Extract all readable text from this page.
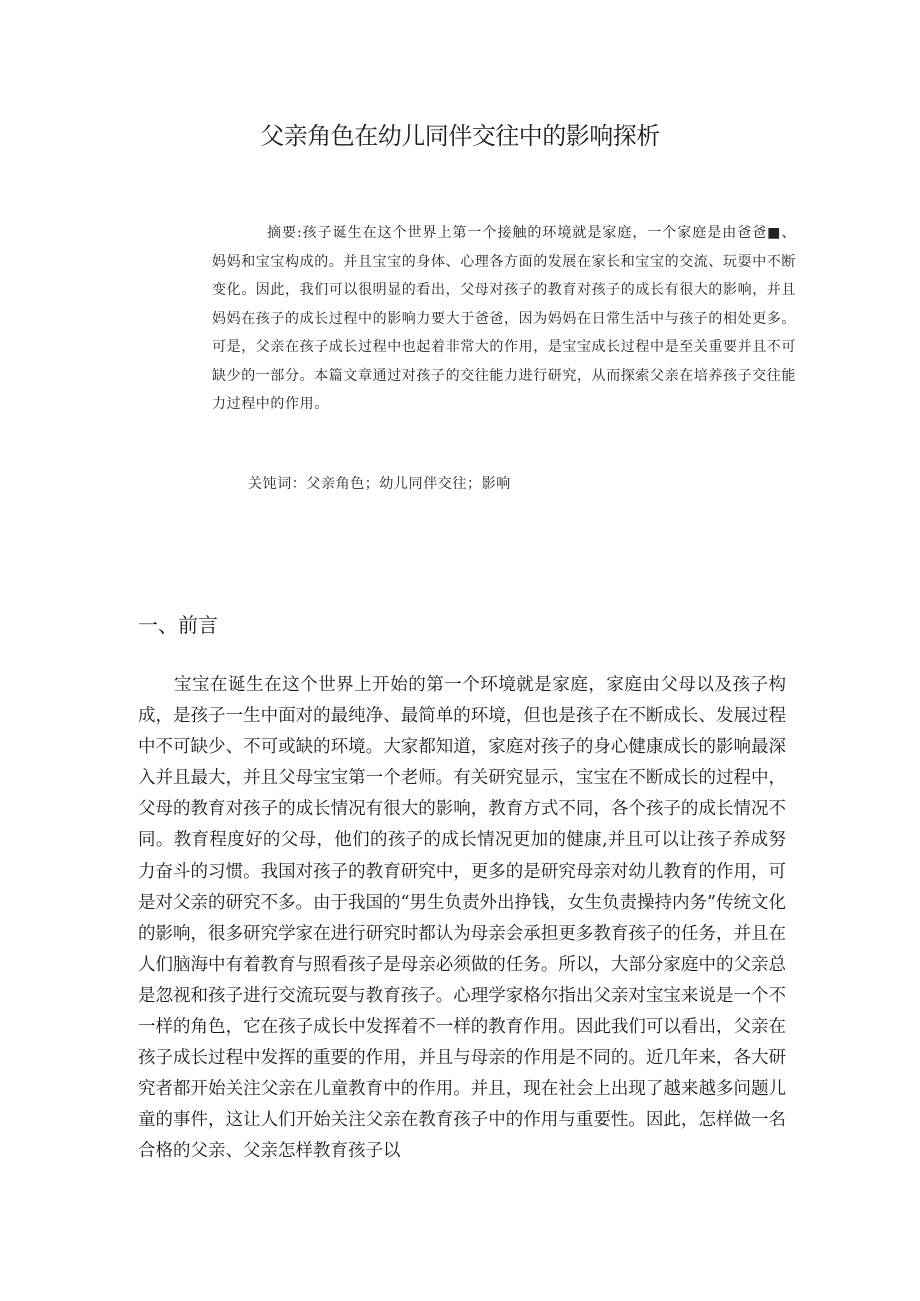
父亲角色在幼儿同伴交往中的影响探析

摘要:孩子诞生在这个世界上第一个接触的环境就是家庭，一个家庭是由爸爸■、妈妈和宝宝构成的。并且宝宝的身体、心理各方面的发展在家长和宝宝的交流、玩耍中不断变化。因此，我们可以很明显的看出，父母对孩子的教育对孩子的成长有很大的影响，并且妈妈在孩子的成长过程中的影响力要大于爸爸，因为妈妈在日常生活中与孩子的相处更多。可是，父亲在孩子成长过程中也起着非常大的作用，是宝宝成长过程中是至关重要并且不可缺少的一部分。本篇文章通过对孩子的交往能力进行研究，从而探索父亲在培养孩子交往能力过程中的作用。

关饨词：父亲角色；幼儿同伴交往；影响

一、前言

宝宝在诞生在这个世界上开始的第一个环境就是家庭，家庭由父母以及孩子构成，是孩子一生中面对的最纯净、最简单的环境，但也是孩子在不断成长、发展过程中不可缺少、不可或缺的环境。大家都知道，家庭对孩子的身心健康成长的影响最深入并且最大，并且父母宝宝第一个老师。有关研究显示，宝宝在不断成长的过程中，父母的教育对孩子的成长情况有很大的影响，教育方式不同，各个孩子的成长情况不同。教育程度好的父母，他们的孩子的成长情况更加的健康,并且可以让孩子养成努力奋斗的习惯。我国对孩子的教育研究中，更多的是研究母亲对幼儿教育的作用，可是对父亲的研究不多。由于我国的“男生负责外出挣钱，女生负责操持内务”传统文化的影响，很多研究学家在进行研究时都认为母亲会承担更多教育孩子的任务，并且在人们脑海中有着教育与照看孩子是母亲必须做的任务。所以，大部分家庭中的父亲总是忽视和孩子进行交流玩耍与教育孩子。心理学家格尔指出父亲对宝宝来说是一个不一样的角色，它在孩子成长中发挥着不一样的教育作用。因此我们可以看出，父亲在孩子成长过程中发挥的重要的作用，并且与母亲的作用是不同的。近几年来，各大研究者都开始关注父亲在儿童教育中的作用。并且，现在社会上出现了越来越多问题儿童的事件，这让人们开始关注父亲在教育孩子中的作用与重要性。因此，怎样做一名合格的父亲、父亲怎样教育孩子以
